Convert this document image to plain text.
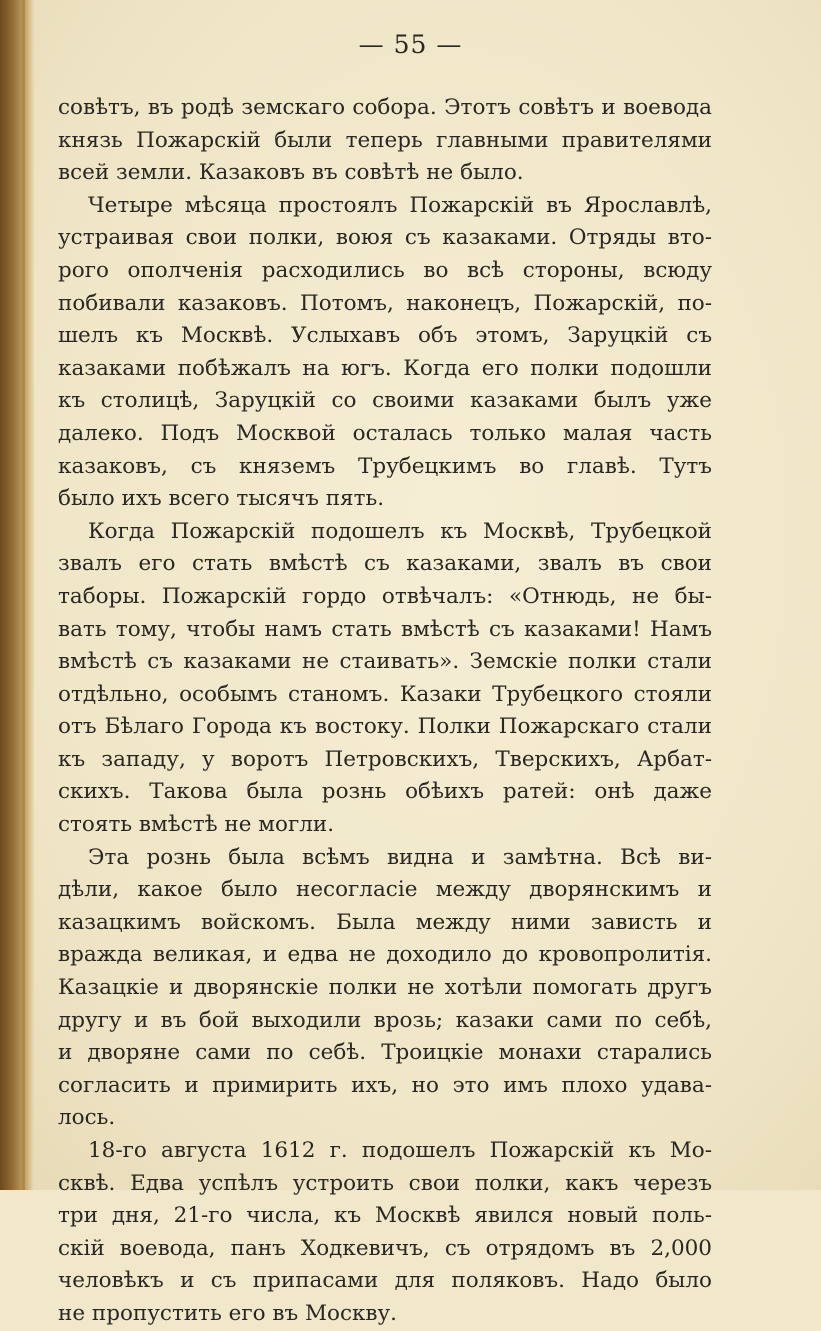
— 55 —
совѣтъ, въ родѣ земскаго собора. Этотъ совѣтъ и воевода
князь Пожарскій были теперь главными правителями
всей земли. Казаковъ въ совѣтѣ не было.
Четыре мѣсяца простоялъ Пожарскій въ Ярославлѣ,
устраивая свои полки, воюя съ казаками. Отряды вто-
рого ополченія расходились во всѣ стороны, всюду
побивали казаковъ. Потомъ, наконецъ, Пожарскій, по-
шелъ къ Москвѣ. Услыхавъ объ этомъ, Заруцкій съ
казаками побѣжалъ на югъ. Когда его полки подошли
къ столицѣ, Заруцкій со своими казаками былъ уже
далеко. Подъ Москвой осталась только малая часть
казаковъ, съ княземъ Трубецкимъ во главѣ. Тутъ
было ихъ всего тысячъ пять.
Когда Пожарскій подошелъ къ Москвѣ, Трубецкой
звалъ его стать вмѣстѣ съ казаками, звалъ въ свои
таборы. Пожарскій гордо отвѣчалъ: «Отнюдь, не бы-
вать тому, чтобы намъ стать вмѣстѣ съ казаками! Намъ
вмѣстѣ съ казаками не стаивать». Земскіе полки стали
отдѣльно, особымъ станомъ. Казаки Трубецкого стояли
отъ Бѣлаго Города къ востоку. Полки Пожарскаго стали
къ западу, у воротъ Петровскихъ, Тверскихъ, Арбат-
скихъ. Такова была рознь обѣихъ ратей: онѣ даже
стоять вмѣстѣ не могли.
Эта рознь была всѣмъ видна и замѣтна. Всѣ ви-
дѣли, какое было несогласіе между дворянскимъ и
казацкимъ войскомъ. Была между ними зависть и
вражда великая, и едва не доходило до кровопролитія.
Казацкіе и дворянскіе полки не хотѣли помогать другъ
другу и въ бой выходили врозь; казаки сами по себѣ,
и дворяне сами по себѣ. Троицкіе монахи старались
согласить и примирить ихъ, но это имъ плохо удава-
лось.
18-го августа 1612 г. подошелъ Пожарскій къ Мо-
сквѣ. Едва успѣлъ устроить свои полки, какъ черезъ
три дня, 21-го числа, къ Москвѣ явился новый поль-
скій воевода, панъ Ходкевичъ, съ отрядомъ въ 2,000
человѣкъ и съ припасами для поляковъ. Надо было
не пропустить его въ Москву.
